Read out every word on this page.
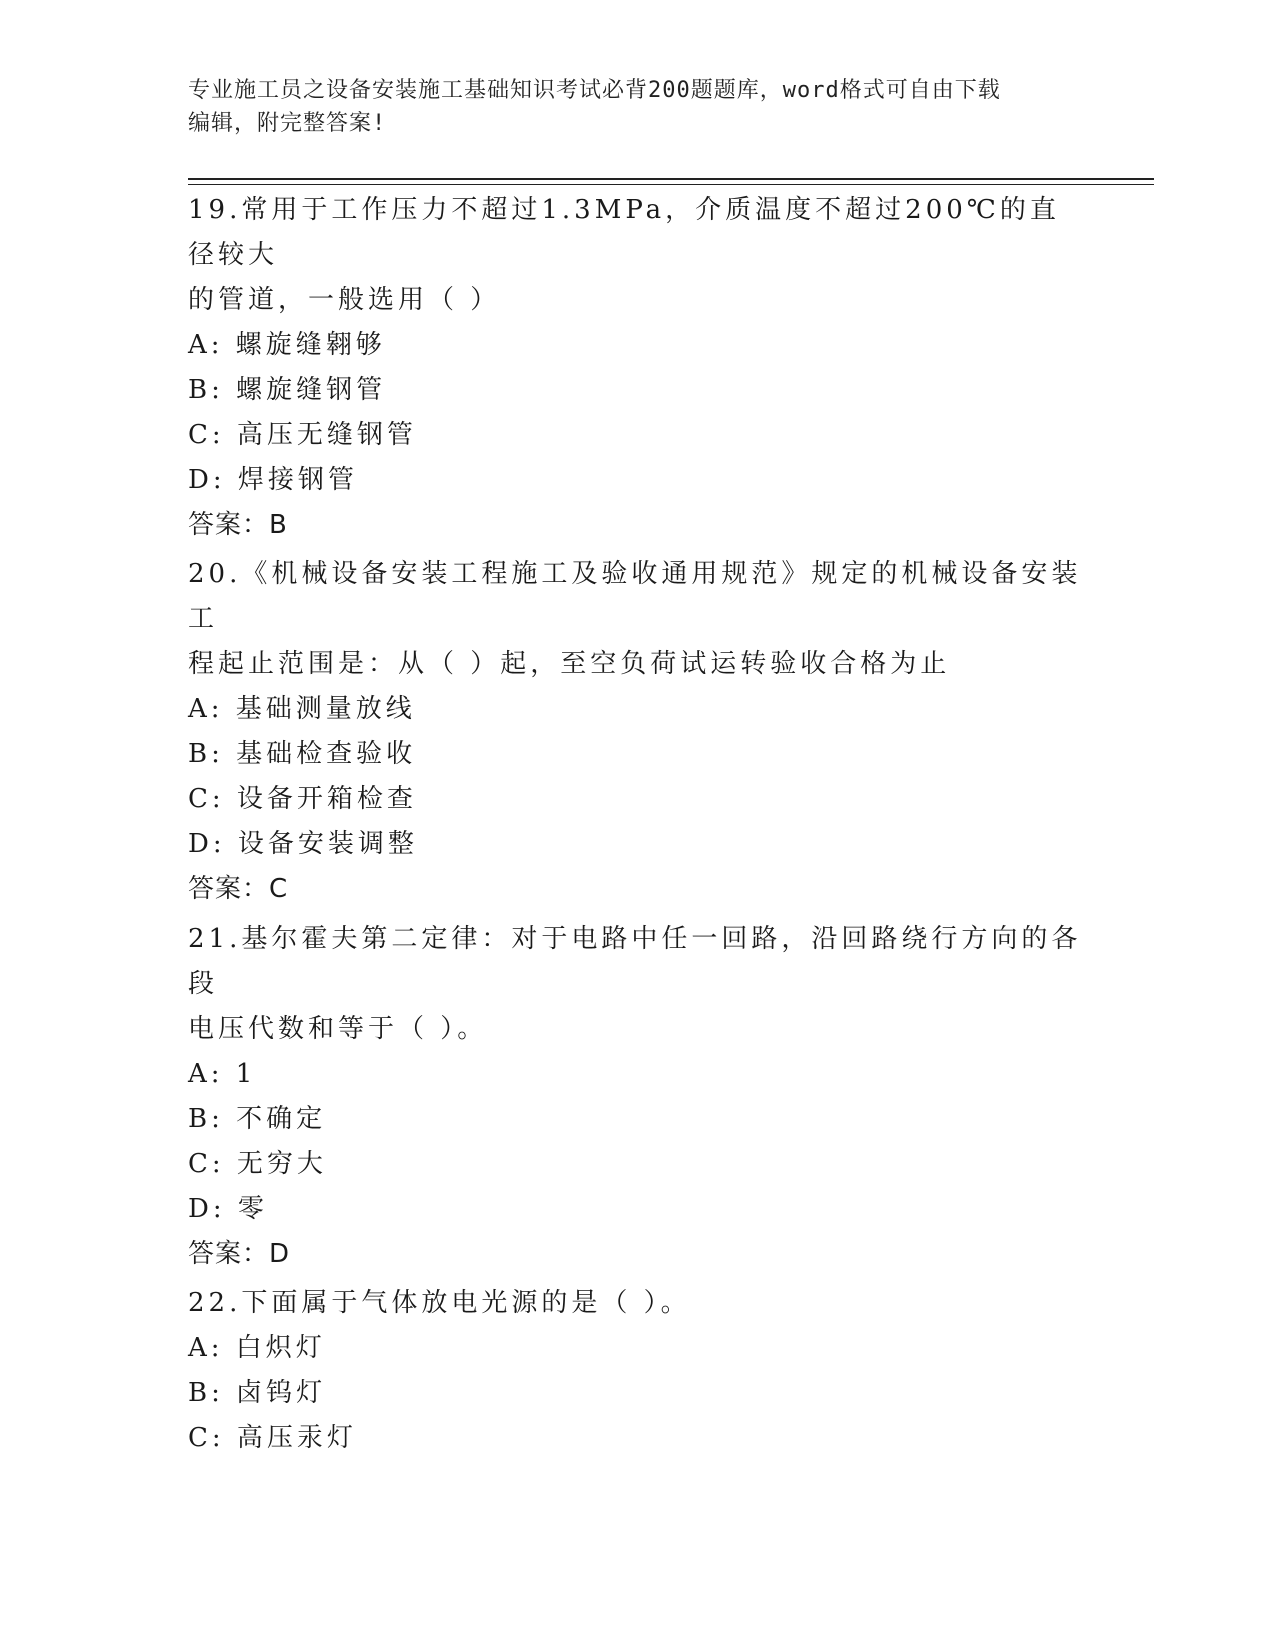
专业施工员之设备安装施工基础知识考试必背200题题库，word格式可自由下载
编辑，附完整答案!
19.常用于工作压力不超过1.3MPa，介质温度不超过200℃的直径较大
的管道，一般选用（ ）
A: 螺旋缝翱够
B: 螺旋缝钢管
C: 高压无缝钢管
D: 焊接钢管
答案：B
20.《机械设备安装工程施工及验收通用规范》规定的机械设备安装工
程起止范围是：从（ ）起，至空负荷试运转验收合格为止
A: 基础测量放线
B: 基础检查验收
C: 设备开箱检查
D: 设备安装调整
答案：C
21.基尔霍夫第二定律：对于电路中任一回路，沿回路绕行方向的各段
电压代数和等于（ ）。
A: 1
B: 不确定
C: 无穷大
D: 零
答案：D
22.下面属于气体放电光源的是（ ）。
A: 白炽灯
B: 卤钨灯
C: 高压汞灯
